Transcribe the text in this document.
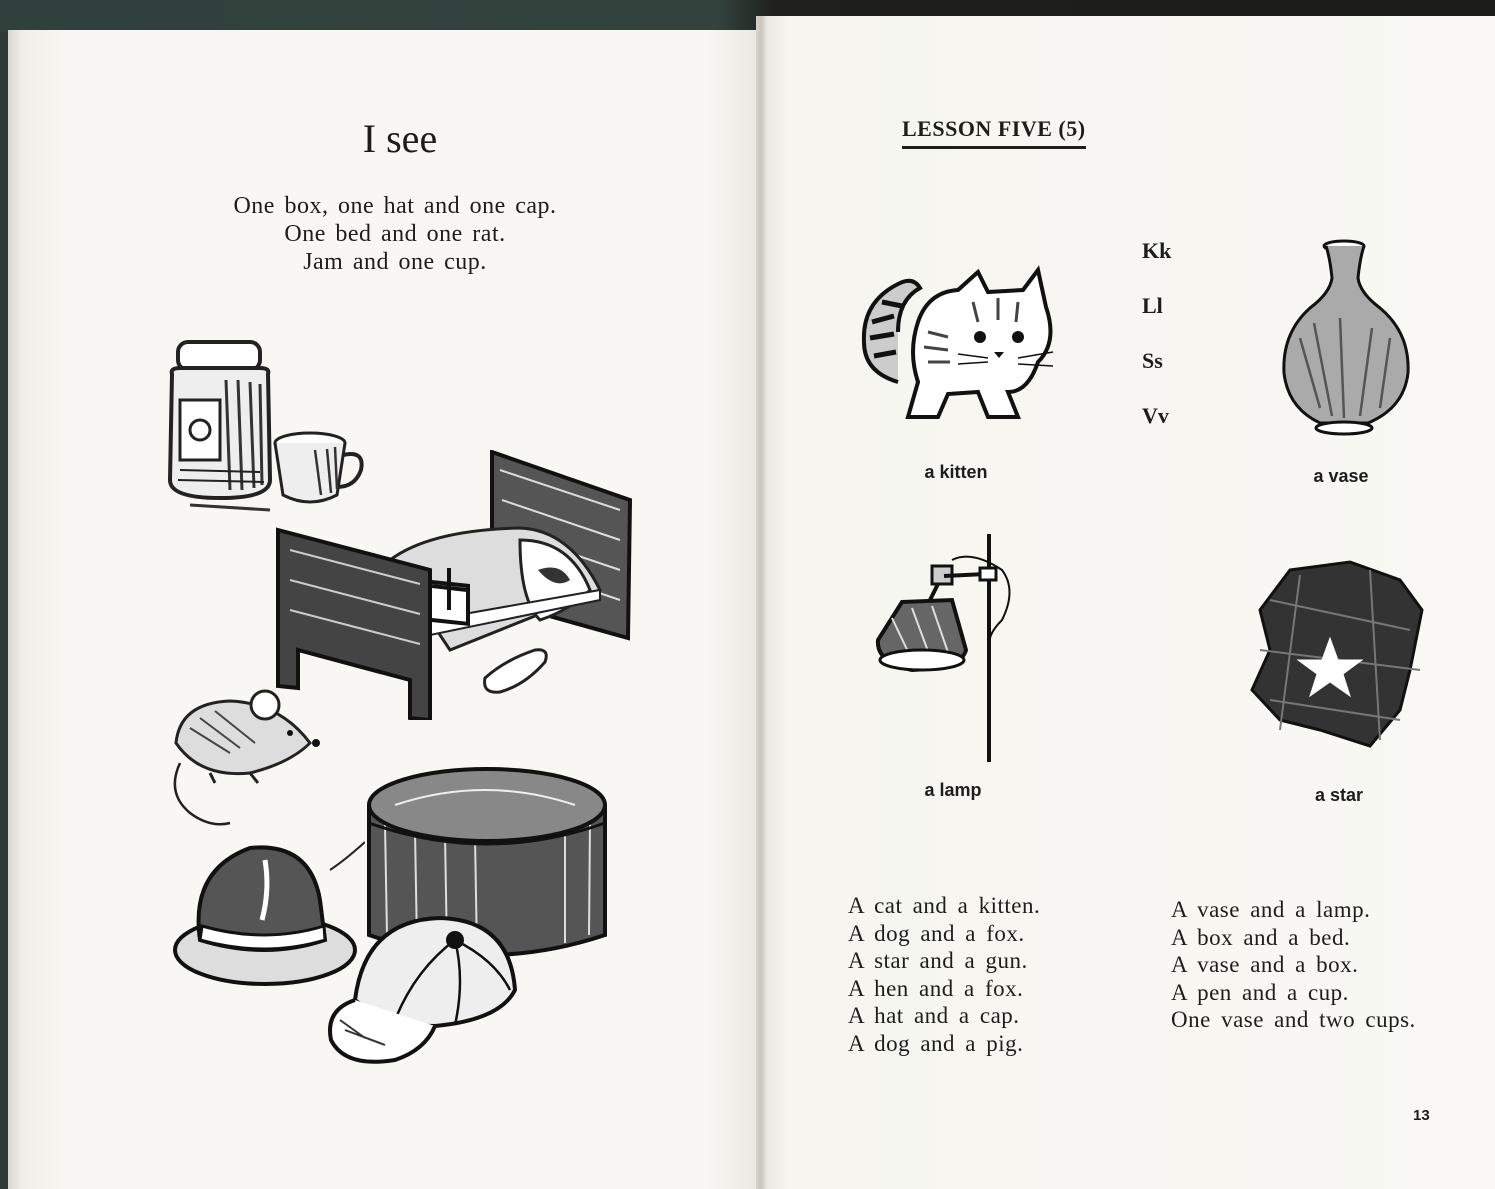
I see
One box, one hat and one cap.
One bed and one rat.
Jam and one cup.
LESSON FIVE (5)
Kk
Ll
Ss
Vv
a kitten	a vase
a lamp	a star
A cat and a kitten.
A dog and a fox.
A star and a gun.
A hen and a fox.
A hat and a cap.
A dog and a pig.
A vase and a lamp.
A box and a bed.
A vase and a box.
A pen and a cup.
One vase and two cups.
13
